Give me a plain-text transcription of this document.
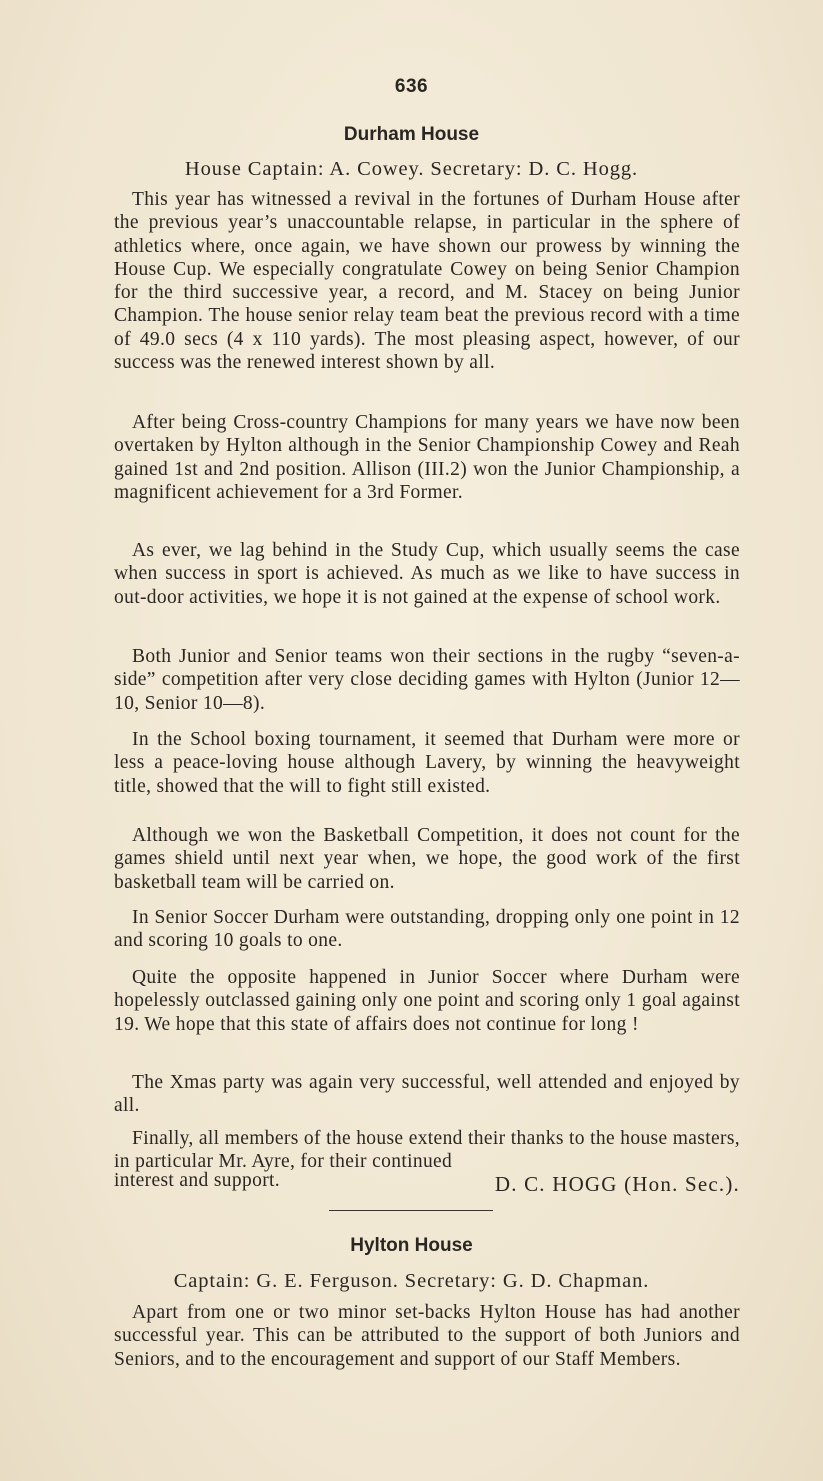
636
Durham House
House Captain: A. Cowey. Secretary: D. C. Hogg.

This year has witnessed a revival in the fortunes of Durham House after the previous year’s unaccountable relapse, in particular in the sphere of athletics where, once again, we have shown our prowess by winning the House Cup. We especially congratulate Cowey on being Senior Champion for the third successive year, a record, and M. Stacey on being Junior Champion. The house senior relay team beat the previous record with a time of 49.0 secs (4 x 110 yards). The most pleasing aspect, however, of our success was the renewed interest shown by all.

After being Cross-country Champions for many years we have now been overtaken by Hylton although in the Senior Championship Cowey and Reah gained 1st and 2nd position. Allison (III.2) won the Junior Championship, a magnificent achievement for a 3rd Former.

As ever, we lag behind in the Study Cup, which usually seems the case when success in sport is achieved. As much as we like to have success in out-door activities, we hope it is not gained at the expense of school work.

Both Junior and Senior teams won their sections in the rugby “seven-a-side” competition after very close deciding games with Hylton (Junior 12—10, Senior 10—8).

In the School boxing tournament, it seemed that Durham were more or less a peace-loving house although Lavery, by winning the heavyweight title, showed that the will to fight still existed.

Although we won the Basketball Competition, it does not count for the games shield until next year when, we hope, the good work of the first basketball team will be carried on.

In Senior Soccer Durham were outstanding, dropping only one point in 12 and scoring 10 goals to one.

Quite the opposite happened in Junior Soccer where Durham were hopelessly outclassed gaining only one point and scoring only 1 goal against 19. We hope that this state of affairs does not continue for long !

The Xmas party was again very successful, well attended and enjoyed by all.

Finally, all members of the house extend their thanks to the house masters, in particular Mr. Ayre, for their continued

interest and support.	D. C. HOGG (Hon. Sec.).
Hylton House
Captain: G. E. Ferguson. Secretary: G. D. Chapman.

Apart from one or two minor set-backs Hylton House has had another successful year. This can be attributed to the support of both Juniors and Seniors, and to the encouragement and support of our Staff Members.
